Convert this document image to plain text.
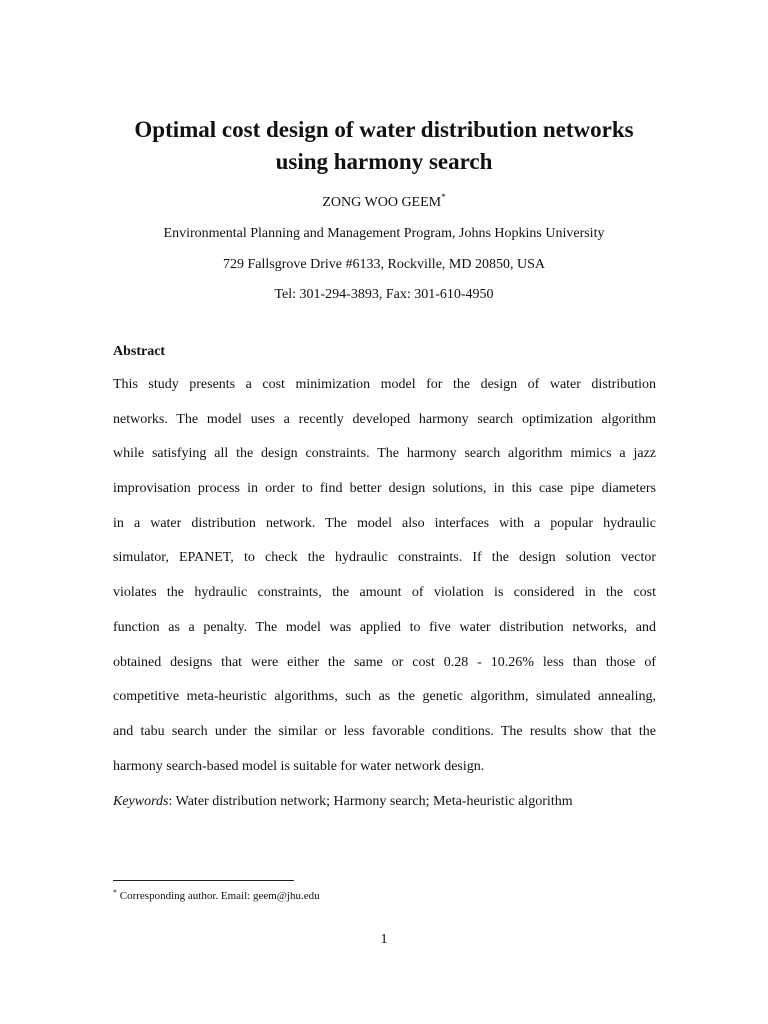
Optimal cost design of water distribution networks
using harmony search
ZONG WOO GEEM*
Environmental Planning and Management Program, Johns Hopkins University
729 Fallsgrove Drive #6133, Rockville, MD 20850, USA
Tel: 301-294-3893, Fax: 301-610-4950
Abstract
This study presents a cost minimization model for the design of water distribution
networks. The model uses a recently developed harmony search optimization algorithm
while satisfying all the design constraints. The harmony search algorithm mimics a jazz
improvisation process in order to find better design solutions, in this case pipe diameters
in a water distribution network. The model also interfaces with a popular hydraulic
simulator, EPANET, to check the hydraulic constraints. If the design solution vector
violates the hydraulic constraints, the amount of violation is considered in the cost
function as a penalty. The model was applied to five water distribution networks, and
obtained designs that were either the same or cost 0.28 - 10.26% less than those of
competitive meta-heuristic algorithms, such as the genetic algorithm, simulated annealing,
and tabu search under the similar or less favorable conditions. The results show that the
harmony search-based model is suitable for water network design.
Keywords: Water distribution network; Harmony search; Meta-heuristic algorithm
* Corresponding author. Email: geem@jhu.edu
1
